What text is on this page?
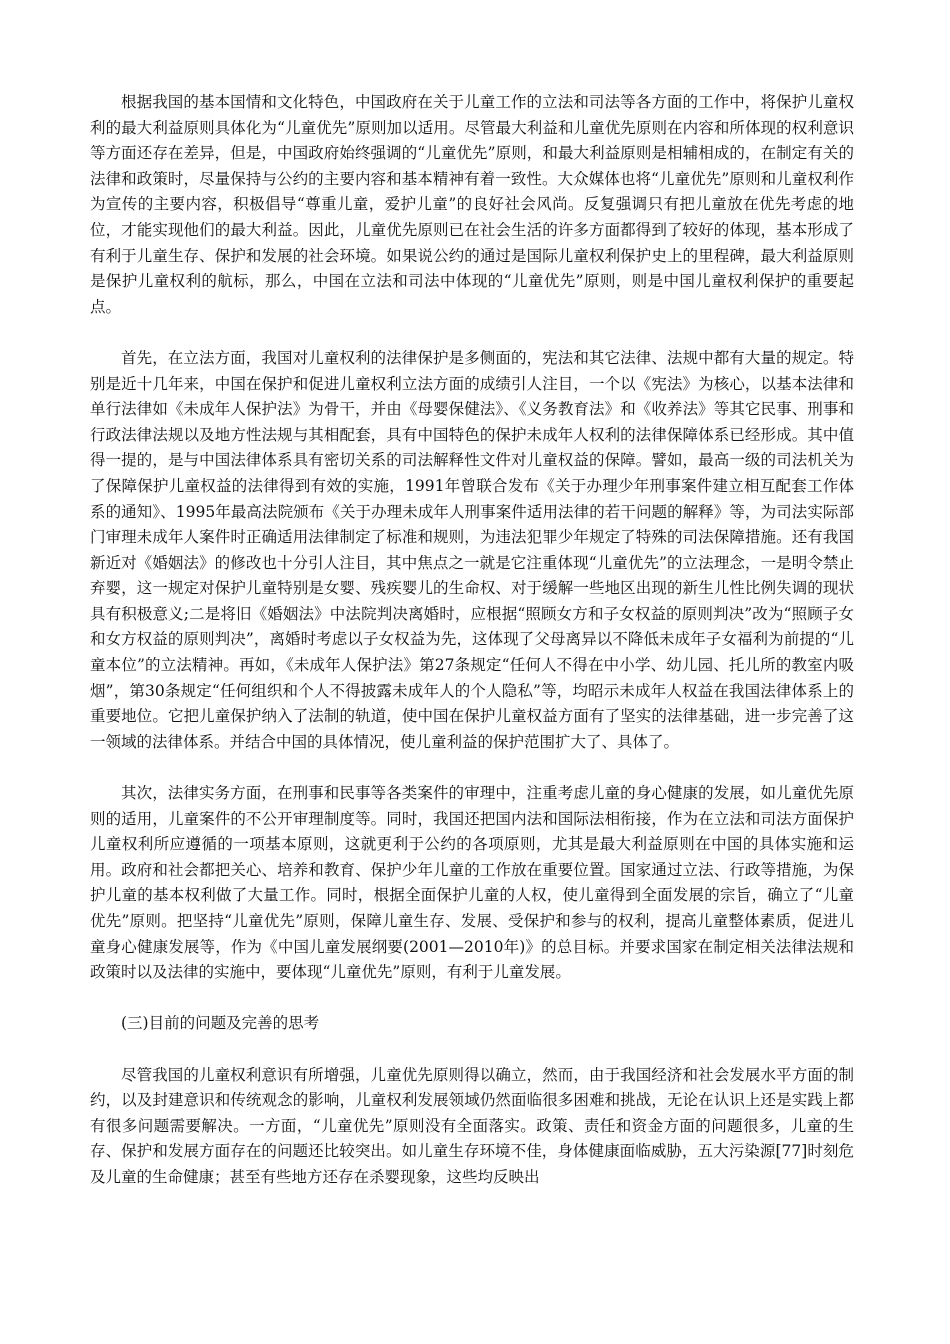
根据我国的基本国情和文化特色，中国政府在关于儿童工作的立法和司法等各方面的工作中，将保护儿童权利的最大利益原则具体化为“儿童优先”原则加以适用。尽管最大利益和儿童优先原则在内容和所体现的权利意识等方面还存在差异，但是，中国政府始终强调的“儿童优先”原则，和最大利益原则是相辅相成的，在制定有关的法律和政策时，尽量保持与公约的主要内容和基本精神有着一致性。大众媒体也将“儿童优先”原则和儿童权利作为宣传的主要内容，积极倡导“尊重儿童，爱护儿童”的良好社会风尚。反复强调只有把儿童放在优先考虑的地位，才能实现他们的最大利益。因此，儿童优先原则已在社会生活的许多方面都得到了较好的体现，基本形成了有利于儿童生存、保护和发展的社会环境。如果说公约的通过是国际儿童权利保护史上的里程碑，最大利益原则是保护儿童权利的航标，那么，中国在立法和司法中体现的“儿童优先”原则，则是中国儿童权利保护的重要起点。

首先，在立法方面，我国对儿童权利的法律保护是多侧面的，宪法和其它法律、法规中都有大量的规定。特别是近十几年来，中国在保护和促进儿童权利立法方面的成绩引人注目，一个以《宪法》为核心，以基本法律和单行法律如《未成年人保护法》为骨干，并由《母婴保健法》、《义务教育法》和《收养法》等其它民事、刑事和行政法律法规以及地方性法规与其相配套，具有中国特色的保护未成年人权利的法律保障体系已经形成。其中值得一提的，是与中国法律体系具有密切关系的司法解释性文件对儿童权益的保障。譬如，最高一级的司法机关为了保障保护儿童权益的法律得到有效的实施，1991年曾联合发布《关于办理少年刑事案件建立相互配套工作体系的通知》、1995年最高法院颁布《关于办理未成年人刑事案件适用法律的若干问题的解释》等，为司法实际部门审理未成年人案件时正确适用法律制定了标准和规则，为违法犯罪少年规定了特殊的司法保障措施。还有我国新近对《婚姻法》的修改也十分引人注目，其中焦点之一就是它注重体现“儿童优先”的立法理念，一是明令禁止弃婴，这一规定对保护儿童特别是女婴、残疾婴儿的生命权、对于缓解一些地区出现的新生儿性比例失调的现状具有积极意义;二是将旧《婚姻法》中法院判决离婚时，应根据“照顾女方和子女权益的原则判决”改为“照顾子女和女方权益的原则判决”，离婚时考虑以子女权益为先，这体现了父母离异以不降低未成年子女福利为前提的“儿童本位”的立法精神。再如，《未成年人保护法》第27条规定“任何人不得在中小学、幼儿园、托儿所的教室内吸烟”，第30条规定“任何组织和个人不得披露未成年人的个人隐私”等，均昭示未成年人权益在我国法律体系上的重要地位。它把儿童保护纳入了法制的轨道，使中国在保护儿童权益方面有了坚实的法律基础，进一步完善了这一领域的法律体系。并结合中国的具体情况，使儿童利益的保护范围扩大了、具体了。

其次，法律实务方面，在刑事和民事等各类案件的审理中，注重考虑儿童的身心健康的发展，如儿童优先原则的适用，儿童案件的不公开审理制度等。同时，我国还把国内法和国际法相衔接，作为在立法和司法方面保护儿童权利所应遵循的一项基本原则，这就更利于公约的各项原则，尤其是最大利益原则在中国的具体实施和运用。政府和社会都把关心、培养和教育、保护少年儿童的工作放在重要位置。国家通过立法、行政等措施，为保护儿童的基本权利做了大量工作。同时，根据全面保护儿童的人权，使儿童得到全面发展的宗旨，确立了“儿童优先”原则。把坚持“儿童优先”原则，保障儿童生存、发展、受保护和参与的权利，提高儿童整体素质，促进儿童身心健康发展等，作为《中国儿童发展纲要(2001—2010年)》的总目标。并要求国家在制定相关法律法规和政策时以及法律的实施中，要体现“儿童优先”原则，有利于儿童发展。

(三)目前的问题及完善的思考

尽管我国的儿童权利意识有所增强，儿童优先原则得以确立，然而，由于我国经济和社会发展水平方面的制约，以及封建意识和传统观念的影响，儿童权利发展领域仍然面临很多困难和挑战，无论在认识上还是实践上都有很多问题需要解决。一方面，“儿童优先”原则没有全面落实。政策、责任和资金方面的问题很多，儿童的生存、保护和发展方面存在的问题还比较突出。如儿童生存环境不佳，身体健康面临威胁，五大污染源[77]时刻危及儿童的生命健康；甚至有些地方还存在杀婴现象，这些均反映出
